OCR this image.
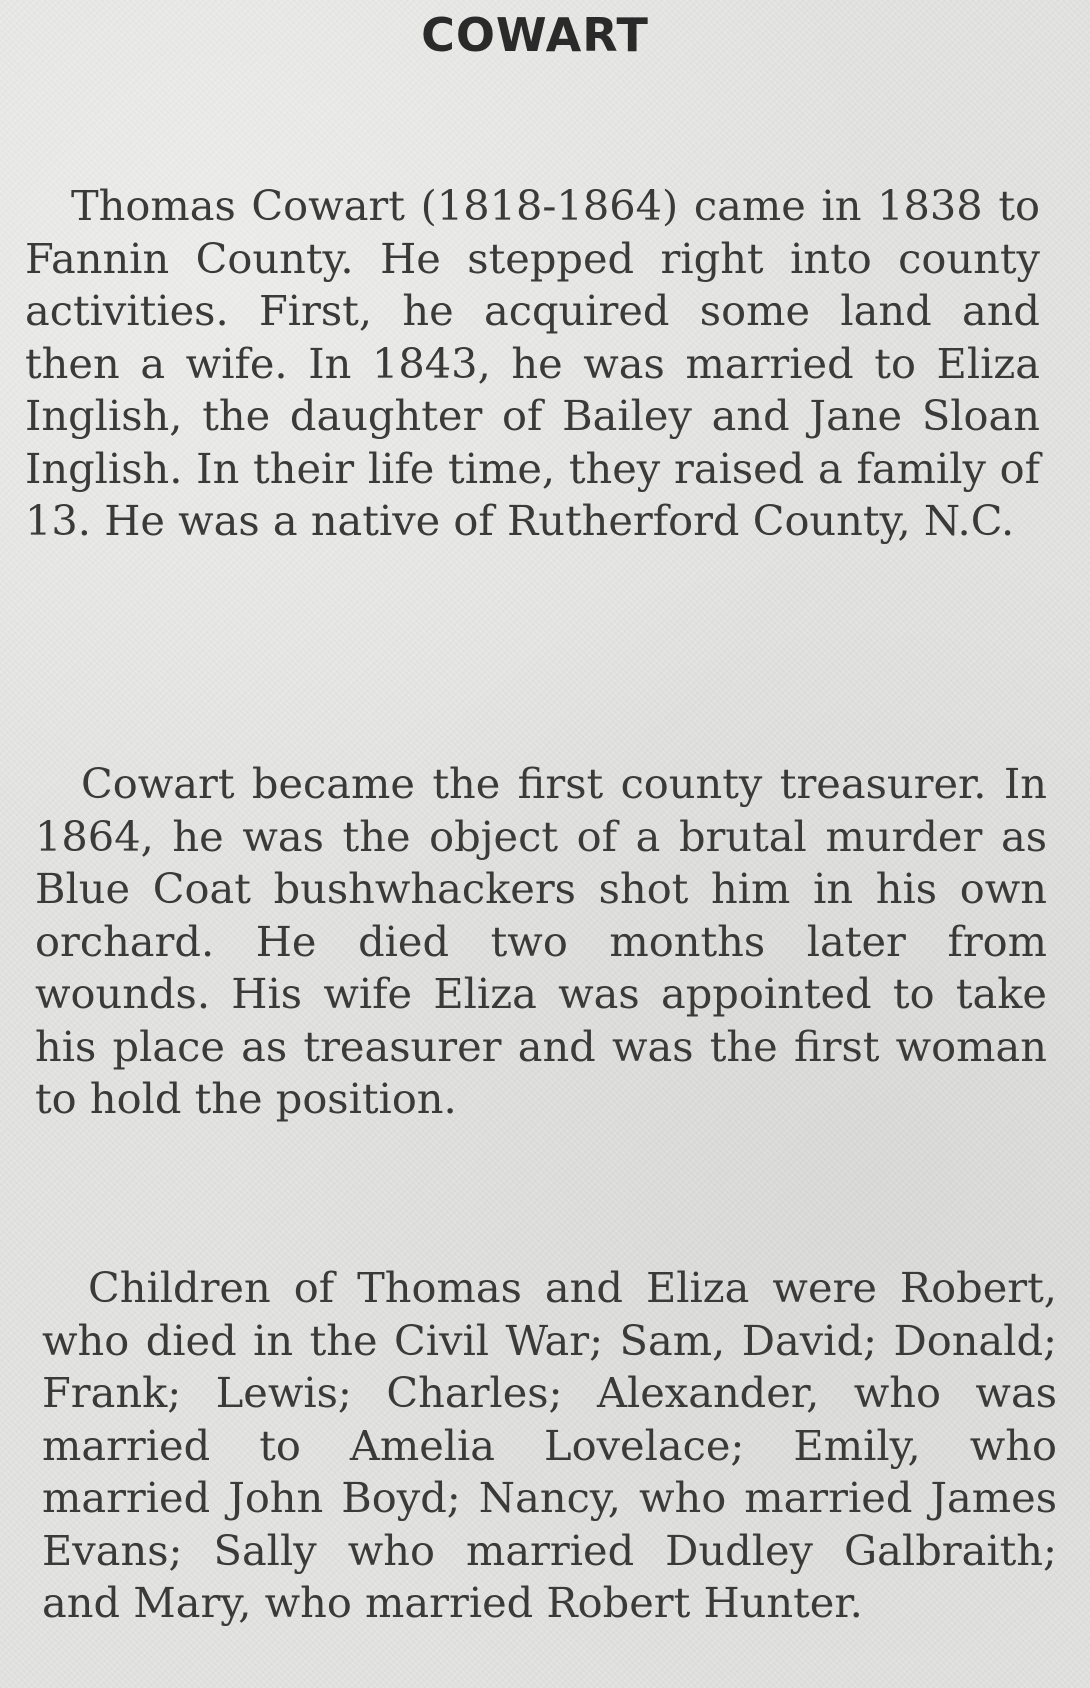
COWART

Thomas Cowart (1818-1864) came in 1838 to Fannin County. He stepped right into county activities. First, he acquired some land and then a wife. In 1843, he was married to Eliza Inglish, the daughter of Bailey and Jane Sloan Inglish. In their life time, they raised a family of 13. He was a native of Rutherford County, N.C.

Cowart became the first county treasurer. In 1864, he was the object of a brutal murder as Blue Coat bushwhackers shot him in his own orchard. He died two months later from wounds. His wife Eliza was appointed to take his place as treasurer and was the first woman to hold the position.

Children of Thomas and Eliza were Robert, who died in the Civil War; Sam, David; Donald; Frank; Lewis; Charles; Alexander, who was married to Amelia Lovelace; Emily, who married John Boyd; Nancy, who married James Evans; Sally who married Dudley Galbraith; and Mary, who married Robert Hunter.
